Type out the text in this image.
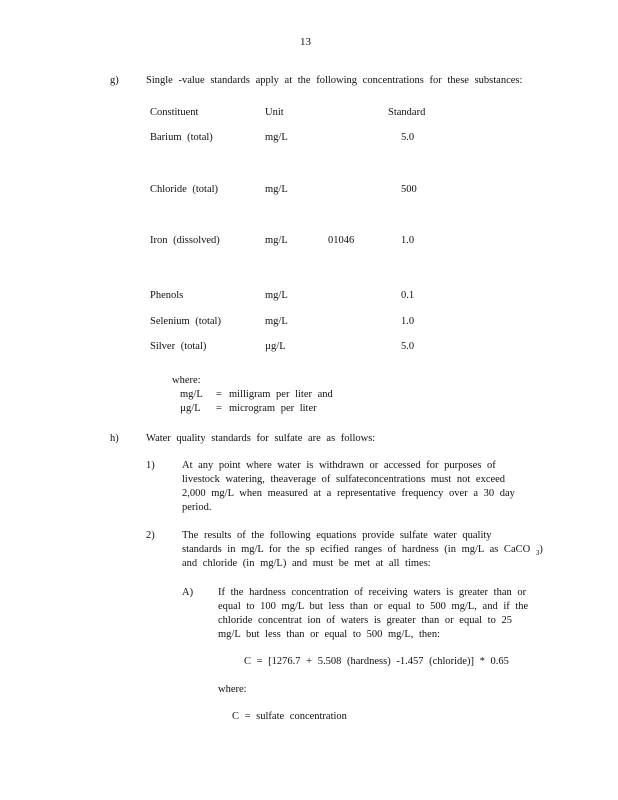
13
g)	Single -value standards apply at the following concentrations for these substances:
Constituent	Unit	Standard
Barium (total)	mg/L	5.0
Chloride (total)	mg/L	500
Iron (dissolved)	mg/L	01046	1.0
Phenols	mg/L	0.1
Selenium (total)	mg/L	1.0
Silver (total)	µg/L	5.0
where:
mg/L = milligram per liter and
µg/L = microgram per liter
h)	Water quality standards for sulfate are as follows:
1)	At any point where water is withdrawn or accessed for purposes of
livestock watering, theaverage of sulfateconcentrations must not exceed
2,000 mg/L when measured at a representative frequency over a 30 day
period.
2)	The results of the following equations provide sulfate water quality
standards in mg/L for the sp ecified ranges of hardness (in mg/L as CaCO $_3$)
and chloride (in mg/L) and must be met at all times:
A) If the hardness concentration of receiving waters is greater than or
equal to 100 mg/L but less than or equal to 500 mg/L, and if the
chloride concentrat ion of waters is greater than or equal to 25
mg/L but less than or equal to 500 mg/L, then:
C = [1276.7 + 5.508 (hardness) -1.457 (chloride)] * 0.65
where:
C = sulfate concentration
